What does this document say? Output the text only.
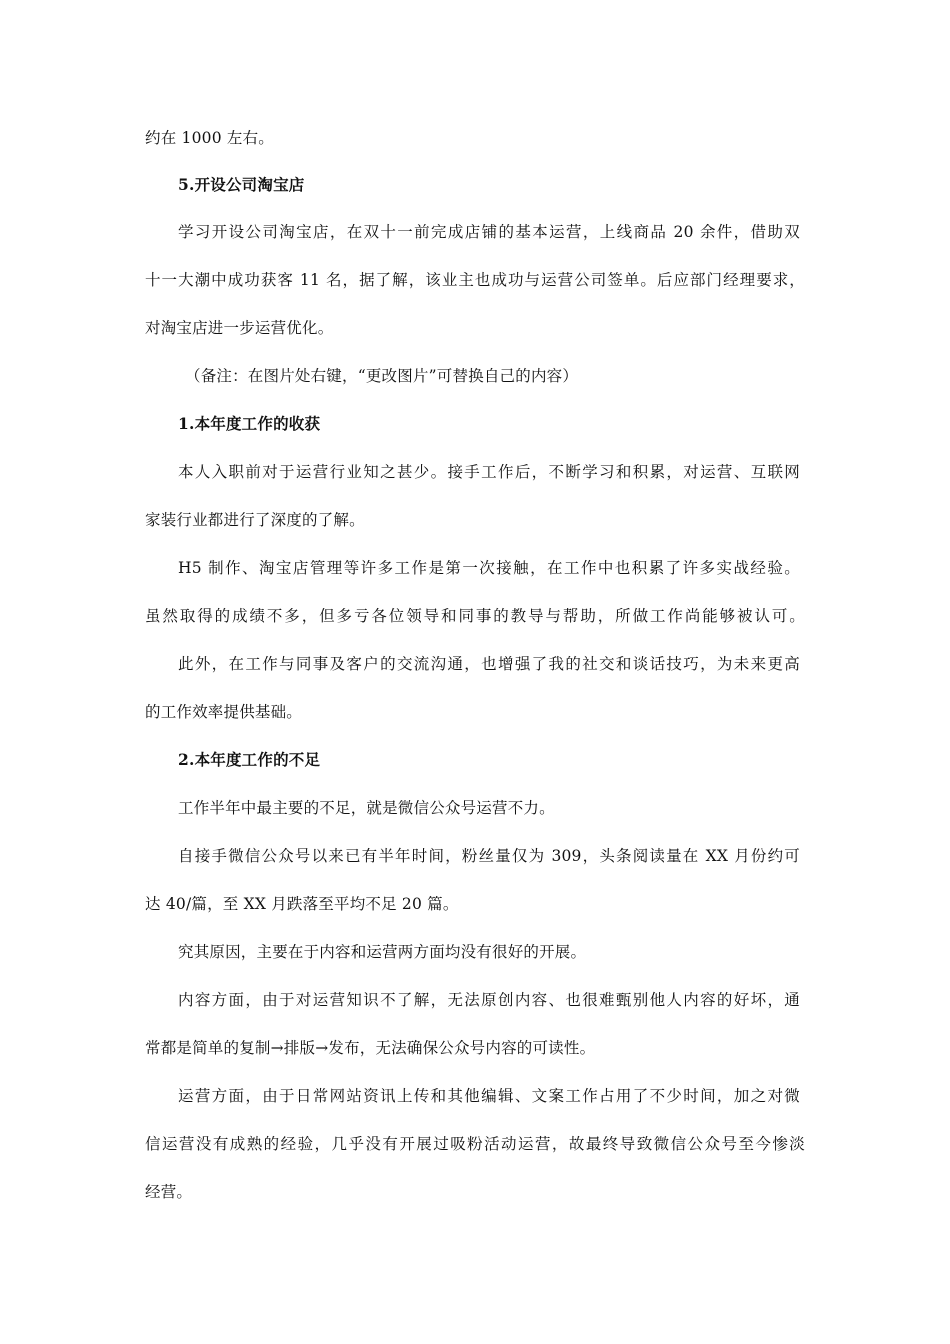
约在 1000 左右。
5.开设公司淘宝店
学习开设公司淘宝店，在双十一前完成店铺的基本运营，上线商品 20 余件，借助双
十一大潮中成功获客 11 名，据了解，该业主也成功与运营公司签单。后应部门经理要求，
对淘宝店进一步运营优化。
（备注：在图片处右键，“更改图片”可替换自己的内容）
1.本年度工作的收获
本人入职前对于运营行业知之甚少。接手工作后，不断学习和积累，对运营、互联网
家装行业都进行了深度的了解。
H5 制作、淘宝店管理等许多工作是第一次接触，在工作中也积累了许多实战经验。
虽然取得的成绩不多，但多亏各位领导和同事的教导与帮助，所做工作尚能够被认可。
此外，在工作与同事及客户的交流沟通，也增强了我的社交和谈话技巧，为未来更高
的工作效率提供基础。
2.本年度工作的不足
工作半年中最主要的不足，就是微信公众号运营不力。
自接手微信公众号以来已有半年时间，粉丝量仅为 309，头条阅读量在 XX 月份约可
达 40/篇，至 XX 月跌落至平均不足 20 篇。
究其原因，主要在于内容和运营两方面均没有很好的开展。
内容方面，由于对运营知识不了解，无法原创内容、也很难甄别他人内容的好坏，通
常都是简单的复制→排版→发布，无法确保公众号内容的可读性。
运营方面，由于日常网站资讯上传和其他编辑、文案工作占用了不少时间，加之对微
信运营没有成熟的经验，几乎没有开展过吸粉活动运营，故最终导致微信公众号至今惨淡
经营。
